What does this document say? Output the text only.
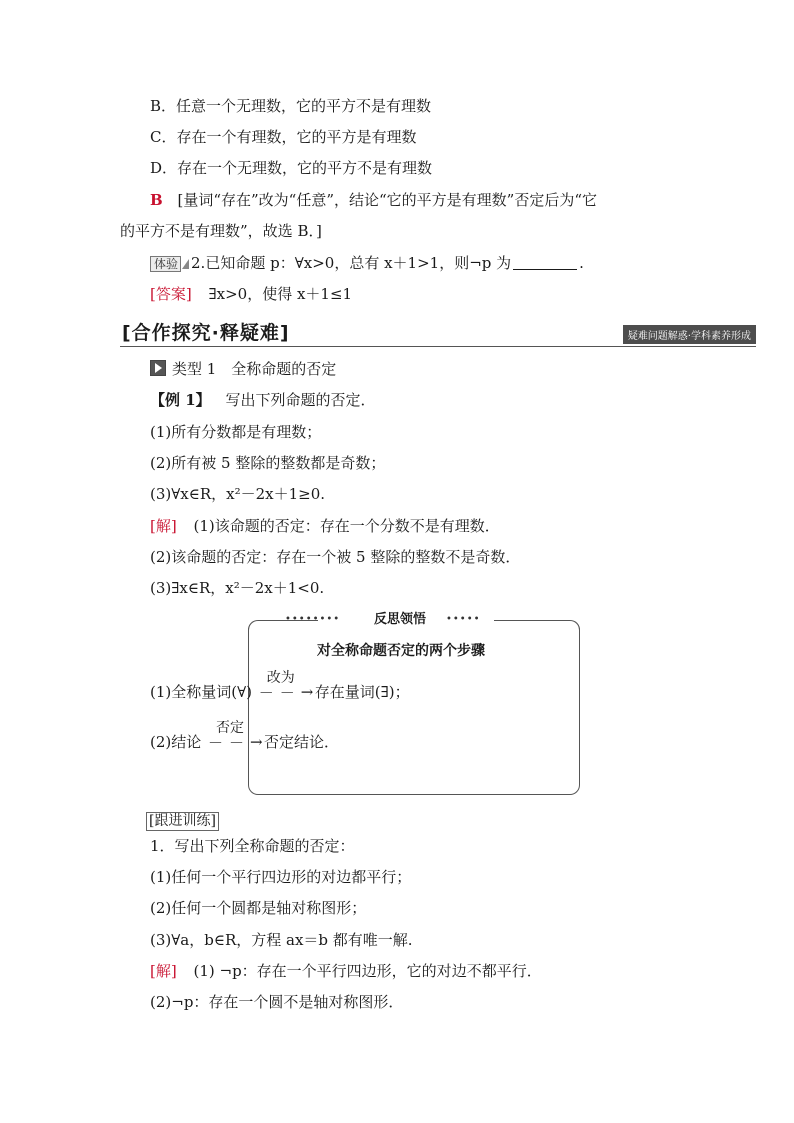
B．任意一个无理数，它的平方不是有理数
C．存在一个有理数，它的平方是有理数
D．存在一个无理数，它的平方不是有理数
B [量词“存在”改为“任意”，结论“它的平方是有理数”否定后为“它
的平方不是有理数”，故选 B．]
体验 2.已知命题 p：∀x>0，总有 x＋1>1，则¬p 为	.
[答案] ∃x>0，使得 x＋1≤1
[合作探究·释疑难]	疑难问题解惑·学科素养形成
类型 1　全称命题的否定
【例 1】 写出下列命题的否定．
(1)所有分数都是有理数；
(2)所有被 5 整除的整数都是奇数；
(3)∀x∈R，x²－2x＋1≥0.
[解] (1)该命题的否定：存在一个分数不是有理数．
(2)该命题的否定：存在一个被 5 整除的整数不是奇数．
(3)∃x∈R，x²－2x＋1<0.
••••••••	反思领悟 •••••
对全称命题否定的两个步骤
(1)全称量词(∀)
改为
－－ → 存在量词(∃)；
(2)结论
否定
－－ → 否定结论．
[跟进训练]
1．写出下列全称命题的否定：
(1)任何一个平行四边形的对边都平行；
(2)任何一个圆都是轴对称图形；
(3)∀a，b∈R，方程 ax＝b 都有唯一解.
[解] (1) ¬p：存在一个平行四边形，它的对边不都平行．
(2)¬p：存在一个圆不是轴对称图形．
